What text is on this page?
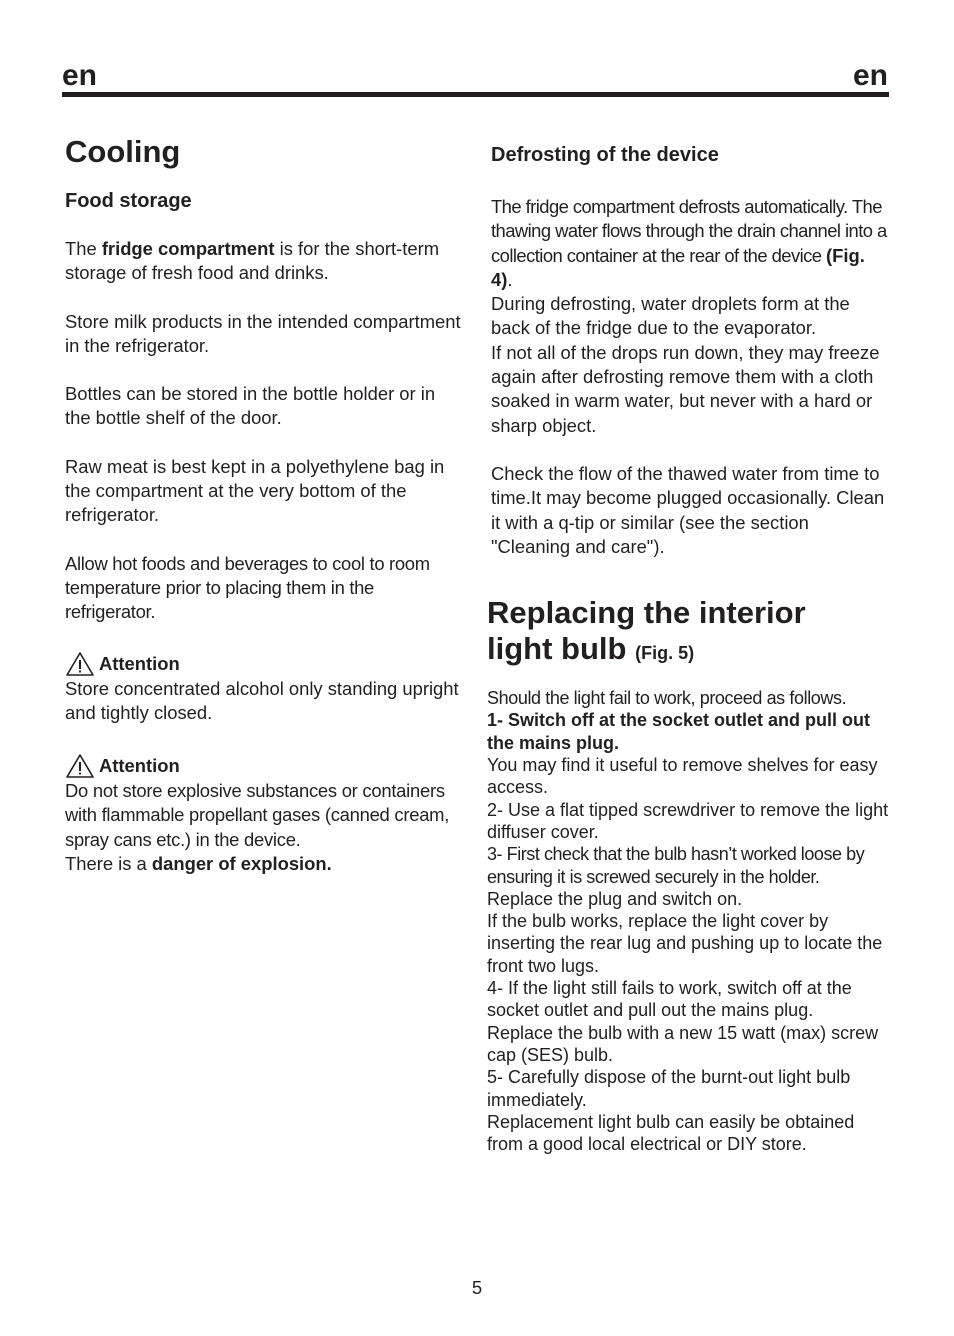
en	en
Cooling
Food storage

The fridge compartment is for the short-term storage of fresh food and drinks.

Store milk products in the intended compartment in the refrigerator.

Bottles can be stored in the bottle holder or in the bottle shelf of the door.

Raw meat is best kept in a polyethylene bag in the compartment at the very bottom of the refrigerator.

Allow hot foods and beverages to cool to room temperature prior to placing them in the refrigerator.

Attention

Store concentrated alcohol only standing upright and tightly closed.

Attention

Do not store explosive substances or containers with flammable propellant gases (canned cream, spray cans etc.) in the device.

There is a danger of explosion.

Defrosting of the device

The fridge compartment defrosts automatically. The thawing water flows through the drain channel into a collection container at the rear of the device (Fig. 4).

During defrosting, water droplets form at the back of the fridge due to the evaporator.

If not all of the drops run down, they may freeze again after defrosting remove them with a cloth soaked in warm water, but never with a hard or sharp object.

Check the flow of the thawed water from time to time.It may become plugged occasionally. Clean it with a q-tip or similar (see the section "Cleaning and care").

Replacing the interior
light bulb (Fig. 5)

Should the light fail to work, proceed as follows.

1- Switch off at the socket outlet and pull out the mains plug.

You may find it useful to remove shelves for easy access.

2- Use a flat tipped screwdriver to remove the light diffuser cover.

3- First check that the bulb hasn’t worked loose by ensuring it is screwed securely in the holder.

Replace the plug and switch on.

If the bulb works, replace the light cover by inserting the rear lug and pushing up to locate the front two lugs.

4- If the light still fails to work, switch off at the socket outlet and pull out the mains plug.

Replace the bulb with a new 15 watt (max) screw cap (SES) bulb.

5- Carefully dispose of the burnt-out light bulb immediately.

Replacement light bulb can easily be obtained from a good local electrical or DIY store.

5
